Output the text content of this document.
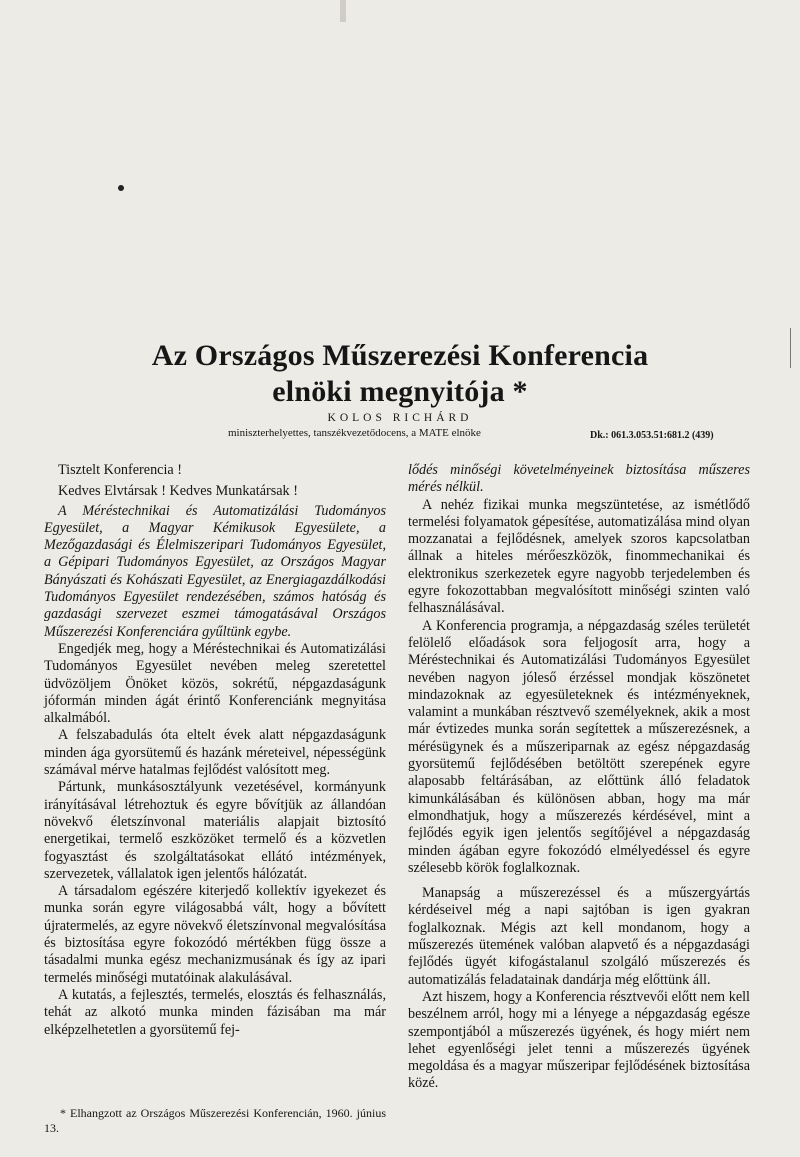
Az Országos Műszerezési Konferencia
elnöki megnyitója *
KOLOS RICHÁRD
miniszterhelyettes, tanszékvezetődocens, a MATE elnöke	Dk.: 061.3.053.51:681.2 (439)

Tisztelt Konferencia !

Kedves Elvtársak ! Kedves Munkatársak !

A Méréstechnikai és Automatizálási Tudományos Egyesület, a Magyar Kémikusok Egyesülete, a Mezőgazdasági és Élelmiszeripari Tudományos Egyesület, a Gépipari Tudományos Egyesület, az Országos Magyar Bányászati és Kohászati Egyesület, az Energiagazdálkodási Tudományos Egyesület rendezésében, számos hatóság és gazdasági szervezet eszmei támogatásával Országos Műszerezési Konferenciára gyűltünk egybe.

Engedjék meg, hogy a Méréstechnikai és Automatizálási Tudományos Egyesület nevében meleg szeretettel üdvözöljem Önöket közös, sokrétű, népgazdaságunk jóformán minden ágát érintő Konferenciánk megnyitása alkalmából.

A felszabadulás óta eltelt évek alatt népgazdaságunk minden ága gyorsütemű és hazánk méreteivel, népességünk számával mérve hatalmas fejlődést valósított meg.

Pártunk, munkásosztályunk vezetésével, kormányunk irányításával létrehoztuk és egyre bővítjük az állandóan növekvő életszínvonal materiális alapjait biztosító energetikai, termelő eszközöket termelő és a közvetlen fogyasztást és szolgáltatásokat ellátó intézmények, szervezetek, vállalatok igen jelentős hálózatát.

A társadalom egészére kiterjedő kollektív igyekezet és munka során egyre világosabbá vált, hogy a bővített újratermelés, az egyre növekvő életszínvonal megvalósítása és biztosítása egyre fokozódó mértékben függ össze a tásadalmi munka egész mechanizmusának és így az ipari termelés minőségi mutatóinak alakulásával.

A kutatás, a fejlesztés, termelés, elosztás és felhasználás, tehát az alkotó munka minden fázisában ma már elképzelhetetlen a gyorsütemű fej-

lődés minőségi követelményeinek biztosítása műszeres mérés nélkül.

A nehéz fizikai munka megszüntetése, az ismétlődő termelési folyamatok gépesítése, automatizálása mind olyan mozzanatai a fejlődésnek, amelyek szoros kapcsolatban állnak a hiteles mérőeszközök, finommechanikai és elektronikus szerkezetek egyre nagyobb terjedelemben és egyre fokozottabban megvalósított minőségi szinten való felhasználásával.

A Konferencia programja, a népgazdaság széles területét felölelő előadások sora feljogosít arra, hogy a Méréstechnikai és Automatizálási Tudományos Egyesület nevében nagyon jóleső érzéssel mondjak köszönetet mindazoknak az egyesületeknek és intézményeknek, valamint a munkában résztvevő személyeknek, akik a most már évtizedes munka során segítettek a műszerezésnek, a mérésügynek és a műszeriparnak az egész népgazdaság gyorsütemű fejlődésében betöltött szerepének egyre alaposabb feltárásában, az előttünk álló feladatok kimunkálásában és különösen abban, hogy ma már elmondhatjuk, hogy a műszerezés kérdésével, mint a fejlődés egyik igen jelentős segítőjével a népgazdaság minden ágában egyre fokozódó elmélyedéssel és egyre szélesebb körök foglalkoznak.

Manapság a műszerezéssel és a műszergyártás kérdéseivel még a napi sajtóban is igen gyakran foglalkoznak. Mégis azt kell mondanom, hogy a műszerezés ütemének valóban alapvető és a népgazdasági fejlődés ügyét kifogástalanul szolgáló műszerezés és automatizálás feladatainak dandárja még előttünk áll.

Azt hiszem, hogy a Konferencia résztvevői előtt nem kell beszélnem arról, hogy mi a lényege a népgazdaság egésze szempontjából a műszerezés ügyének, és hogy miért nem lehet egyenlőségi jelet tenni a műszerezés ügyének megoldása és a magyar műszeripar fejlődésének biztosítása közé.

* Elhangzott az Országos Műszerezési Konferencián, 1960. június 13.
